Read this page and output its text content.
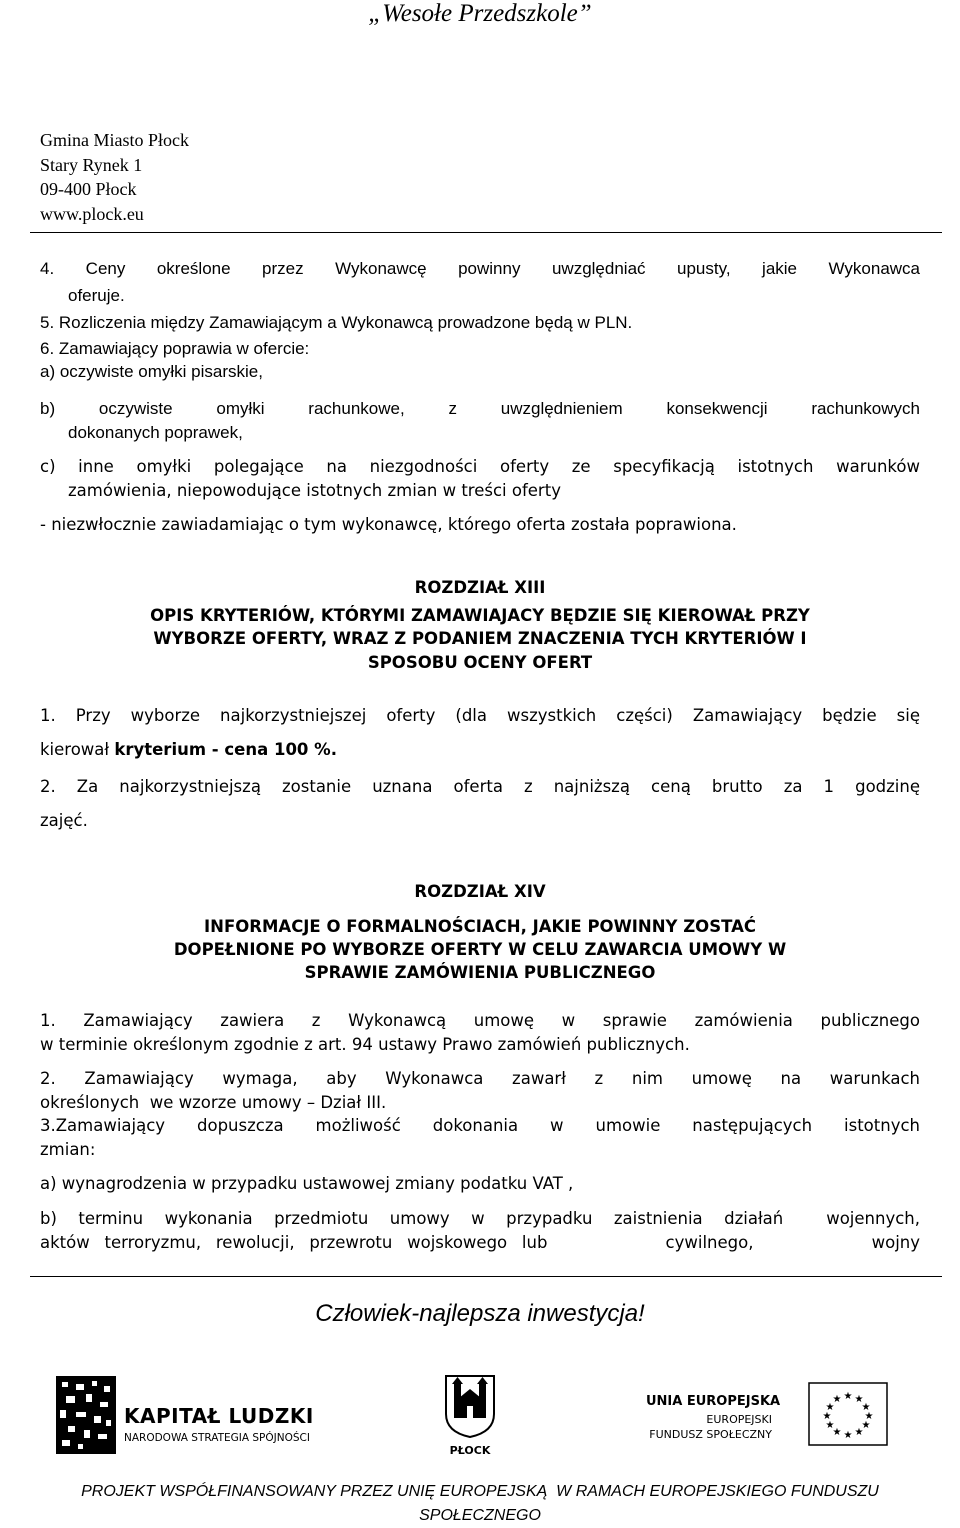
„Wesołe Przedszkole”
Gmina Miasto Płock
Stary Rynek 1
09-400 Płock
www.plock.eu
4. Ceny określone przez Wykonawcę powinny uwzględniać upusty, jakie Wykonawca
oferuje.
5. Rozliczenia między Zamawiającym a Wykonawcą prowadzone będą w PLN.
6. Zamawiający poprawia w ofercie:
a) oczywiste omyłki pisarskie,
b) oczywiste omyłki rachunkowe, z uwzględnieniem konsekwencji rachunkowych
dokonanych poprawek,
c) inne omyłki polegające na niezgodności oferty ze specyfikacją istotnych warunków
zamówienia, niepowodujące istotnych zmian w treści oferty
- niezwłocznie zawiadamiając o tym wykonawcę, którego oferta została poprawiona.
ROZDZIAŁ XIII
OPIS KRYTERIÓW, KTÓRYMI ZAMAWIAJACY BĘDZIE SIĘ KIEROWAŁ PRZY
WYBORZE OFERTY, WRAZ Z PODANIEM ZNACZENIA TYCH KRYTERIÓW I
SPOSOBU OCENY OFERT
1. Przy wyborze najkorzystniejszej oferty (dla wszystkich części) Zamawiający będzie się
kierował kryterium - cena 100 %.
2. Za najkorzystniejszą zostanie uznana oferta z najniższą ceną brutto za 1 godzinę
zajęć.
ROZDZIAŁ XIV
INFORMACJE O FORMALNOŚCIACH, JAKIE POWINNY ZOSTAĆ
DOPEŁNIONE PO WYBORZE OFERTY W CELU ZAWARCIA UMOWY W
SPRAWIE ZAMÓWIENIA PUBLICZNEGO
1. Zamawiający zawiera z Wykonawcą umowę w sprawie zamówienia publicznego
w terminie określonym zgodnie z art. 94 ustawy Prawo zamówień publicznych.
2. Zamawiający wymaga, aby Wykonawca zawarł z nim umowę na warunkach
określonych  we wzorze umowy – Dział III.
3.Zamawiający dopuszcza możliwość dokonania w umowie następujących istotnych
zmian:
a) wynagrodzenia w przypadku ustawowej zmiany podatku VAT ,
b) terminu wykonania przedmiotu umowy w przypadku zaistnienia działań  wojennych,
aktów terroryzmu, rewolucji, przewrotu wojskowego lub        cywilnego,        wojny
Człowiek-najlepsza inwestycja!
KAPITAŁ LUDZKI
NARODOWA STRATEGIA SPÓJNOŚCI
PŁOCK
UNIA EUROPEJSKA
EUROPEJSKI
FUNDUSZ SPOŁECZNY
★ ★
★
★
★
★
★
★
★
★
★
★
PROJEKT WSPÓŁFINANSOWANY PRZEZ UNIĘ EUROPEJSKĄ  W RAMACH EUROPEJSKIEGO FUNDUSZU
SPOŁECZNEGO
